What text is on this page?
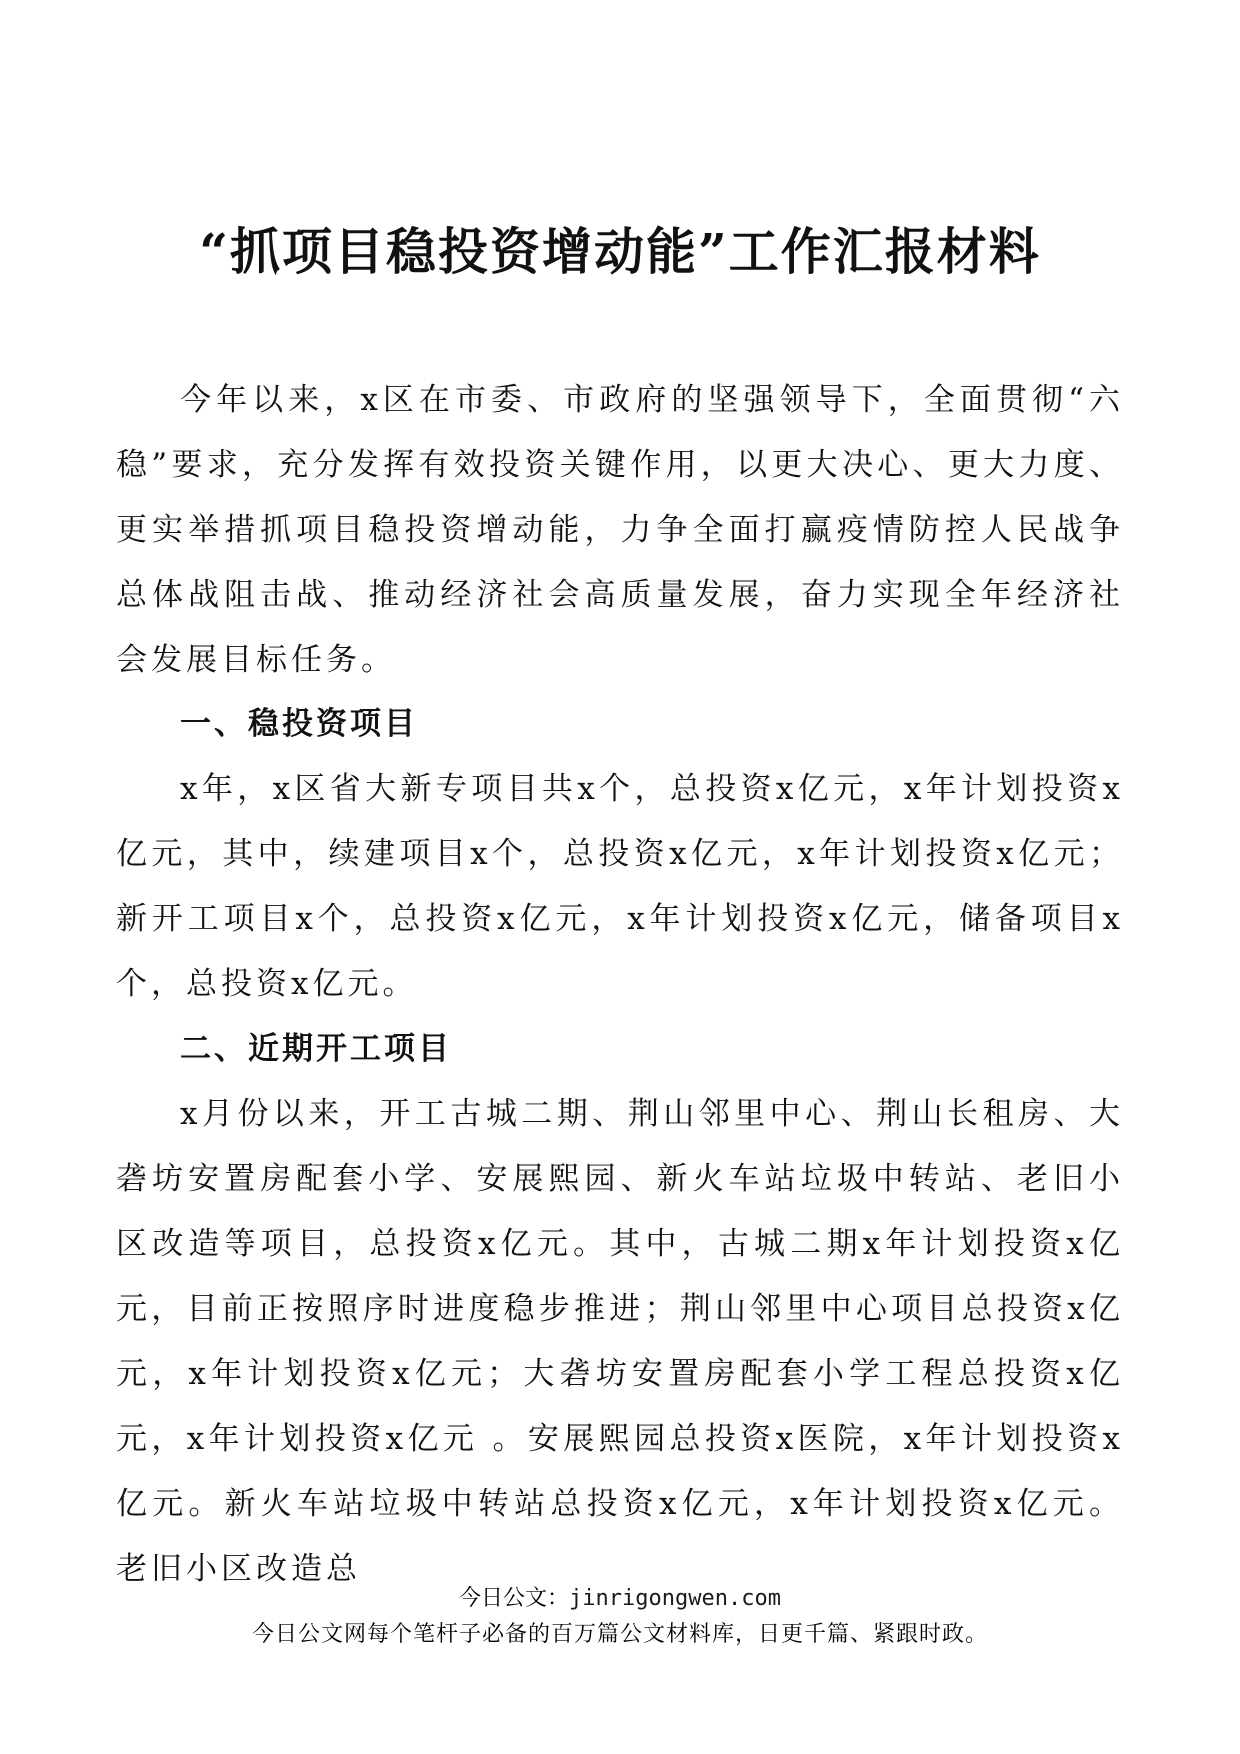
“抓项目稳投资增动能”工作汇报材料

今年以来，x区在市委、市政府的坚强领导下，全面贯彻“六稳”要求，充分发挥有效投资关键作用，以更大决心、更大力度、更实举措抓项目稳投资增动能，力争全面打赢疫情防控人民战争总体战阻击战、推动经济社会高质量发展，奋力实现全年经济社会发展目标任务。

一、稳投资项目

x年，x区省大新专项目共x个，总投资x亿元，x年计划投资x亿元，其中，续建项目x个，总投资x亿元，x年计划投资x亿元；新开工项目x个，总投资x亿元，x年计划投资x亿元，储备项目x个，总投资x亿元。

二、近期开工项目

x月份以来，开工古城二期、荆山邻里中心、荆山长租房、大砻坊安置房配套小学、安展熙园、新火车站垃圾中转站、老旧小区改造等项目，总投资x亿元。其中，古城二期x年计划投资x亿元，目前正按照序时进度稳步推进；荆山邻里中心项目总投资x亿元，x年计划投资x亿元；大砻坊安置房配套小学工程总投资x亿元，x年计划投资x亿元 。安展熙园总投资x医院，x年计划投资x亿元。新火车站垃圾中转站总投资x亿元，x年计划投资x亿元。老旧小区改造总

今日公文：jinrigongwen.com
今日公文网每个笔杆子必备的百万篇公文材料库，日更千篇、紧跟时政。
